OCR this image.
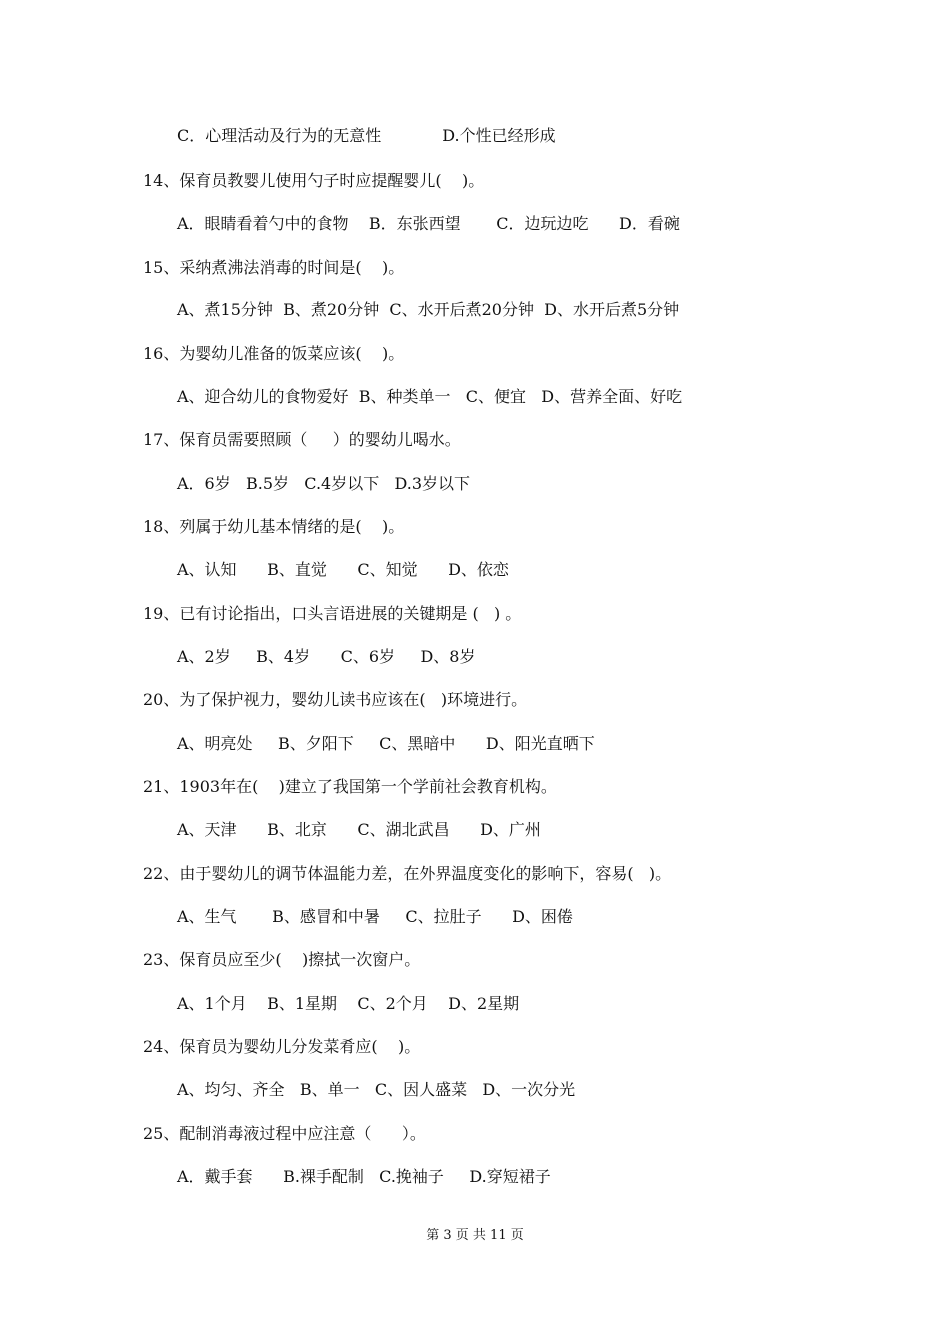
C．心理活动及行为的无意性            D.个性已经形成
14、保育员教婴儿使用勺子时应提醒婴儿(    )。
A．眼睛看着勺中的食物    B．东张西望       C．边玩边吃      D．看碗
15、采纳煮沸法消毒的时间是(    )。
A、煮15分钟  B、煮20分钟  C、水开后煮20分钟  D、水开后煮5分钟
16、为婴幼儿准备的饭菜应该(    )。
A、迎合幼儿的食物爱好  B、种类单一   C、便宜   D、营养全面、好吃
17、保育员需要照顾（     ）的婴幼儿喝水。
A．6岁   B.5岁   C.4岁以下   D.3岁以下
18、列属于幼儿基本情绪的是(    )。
A、认知      B、直觉      C、知觉      D、依恋
19、已有讨论指出，口头言语进展的关键期是 (   ) 。
A、2岁     B、4岁      C、6岁     D、8岁
20、为了保护视力，婴幼儿读书应该在(   )环境进行。
A、明亮处     B、夕阳下     C、黑暗中      D、阳光直晒下
21、1903年在(    )建立了我国第一个学前社会教育机构。
A、天津      B、北京      C、湖北武昌      D、广州
22、由于婴幼儿的调节体温能力差，在外界温度变化的影响下，容易(   )。
A、生气       B、感冒和中暑     C、拉肚子      D、困倦
23、保育员应至少(    )擦拭一次窗户。
A、1个月    B、1星期    C、2个月    D、2星期
24、保育员为婴幼儿分发菜肴应(    )。
A、均匀、齐全   B、单一   C、因人盛菜   D、一次分光
25、配制消毒液过程中应注意（      ）。
A．戴手套      B.裸手配制   C.挽袖子     D.穿短裙子
第 3 页 共 11 页
